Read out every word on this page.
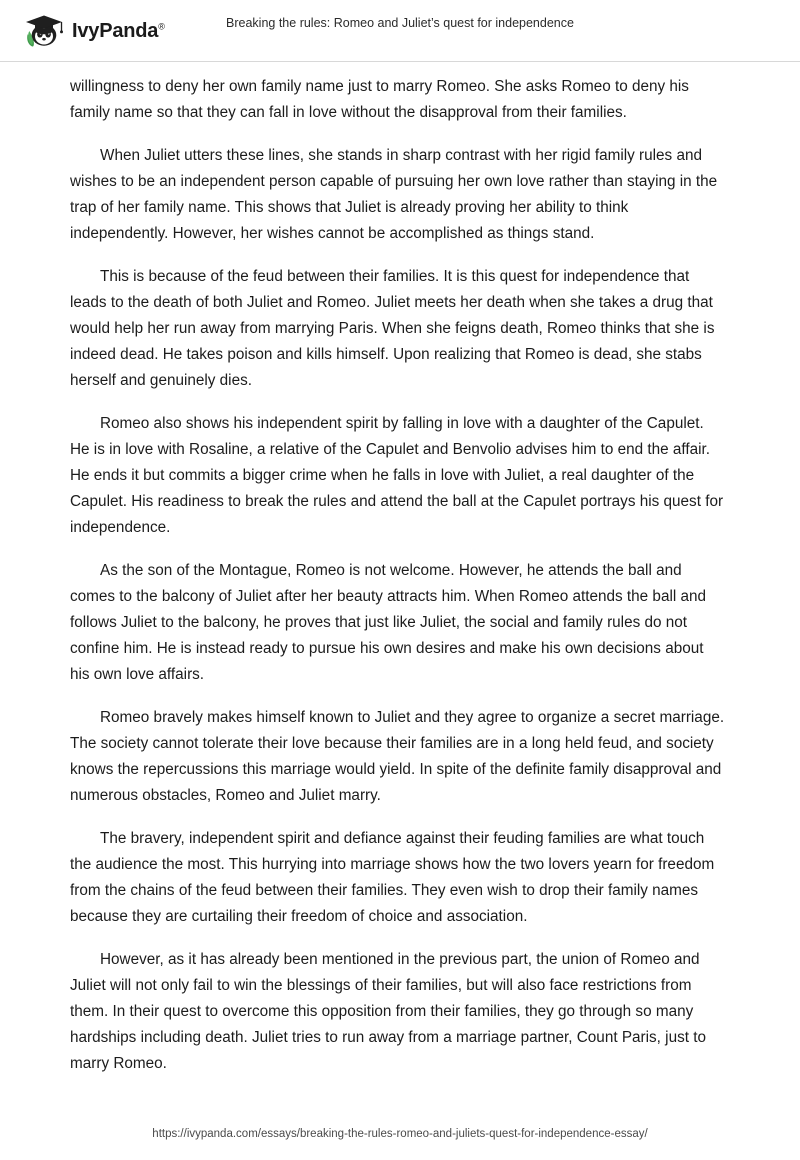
IvyPanda®	Breaking the rules: Romeo and Juliet’s quest for independence

willingness to deny her own family name just to marry Romeo. She asks Romeo to deny his family name so that they can fall in love without the disapproval from their families.

When Juliet utters these lines, she stands in sharp contrast with her rigid family rules and wishes to be an independent person capable of pursuing her own love rather than staying in the trap of her family name. This shows that Juliet is already proving her ability to think independently. However, her wishes cannot be accomplished as things stand.

This is because of the feud between their families. It is this quest for independence that leads to the death of both Juliet and Romeo. Juliet meets her death when she takes a drug that would help her run away from marrying Paris. When she feigns death, Romeo thinks that she is indeed dead. He takes poison and kills himself. Upon realizing that Romeo is dead, she stabs herself and genuinely dies.

Romeo also shows his independent spirit by falling in love with a daughter of the Capulet. He is in love with Rosaline, a relative of the Capulet and Benvolio advises him to end the affair. He ends it but commits a bigger crime when he falls in love with Juliet, a real daughter of the Capulet. His readiness to break the rules and attend the ball at the Capulet portrays his quest for independence.

As the son of the Montague, Romeo is not welcome. However, he attends the ball and comes to the balcony of Juliet after her beauty attracts him. When Romeo attends the ball and follows Juliet to the balcony, he proves that just like Juliet, the social and family rules do not confine him. He is instead ready to pursue his own desires and make his own decisions about his own love affairs.

Romeo bravely makes himself known to Juliet and they agree to organize a secret marriage. The society cannot tolerate their love because their families are in a long held feud, and society knows the repercussions this marriage would yield. In spite of the definite family disapproval and numerous obstacles, Romeo and Juliet marry.

The bravery, independent spirit and defiance against their feuding families are what touch the audience the most. This hurrying into marriage shows how the two lovers yearn for freedom from the chains of the feud between their families. They even wish to drop their family names because they are curtailing their freedom of choice and association.

However, as it has already been mentioned in the previous part, the union of Romeo and Juliet will not only fail to win the blessings of their families, but will also face restrictions from them. In their quest to overcome this opposition from their families, they go through so many hardships including death. Juliet tries to run away from a marriage partner, Count Paris, just to marry Romeo.

https://ivypanda.com/essays/breaking-the-rules-romeo-and-juliets-quest-for-independence-essay/
